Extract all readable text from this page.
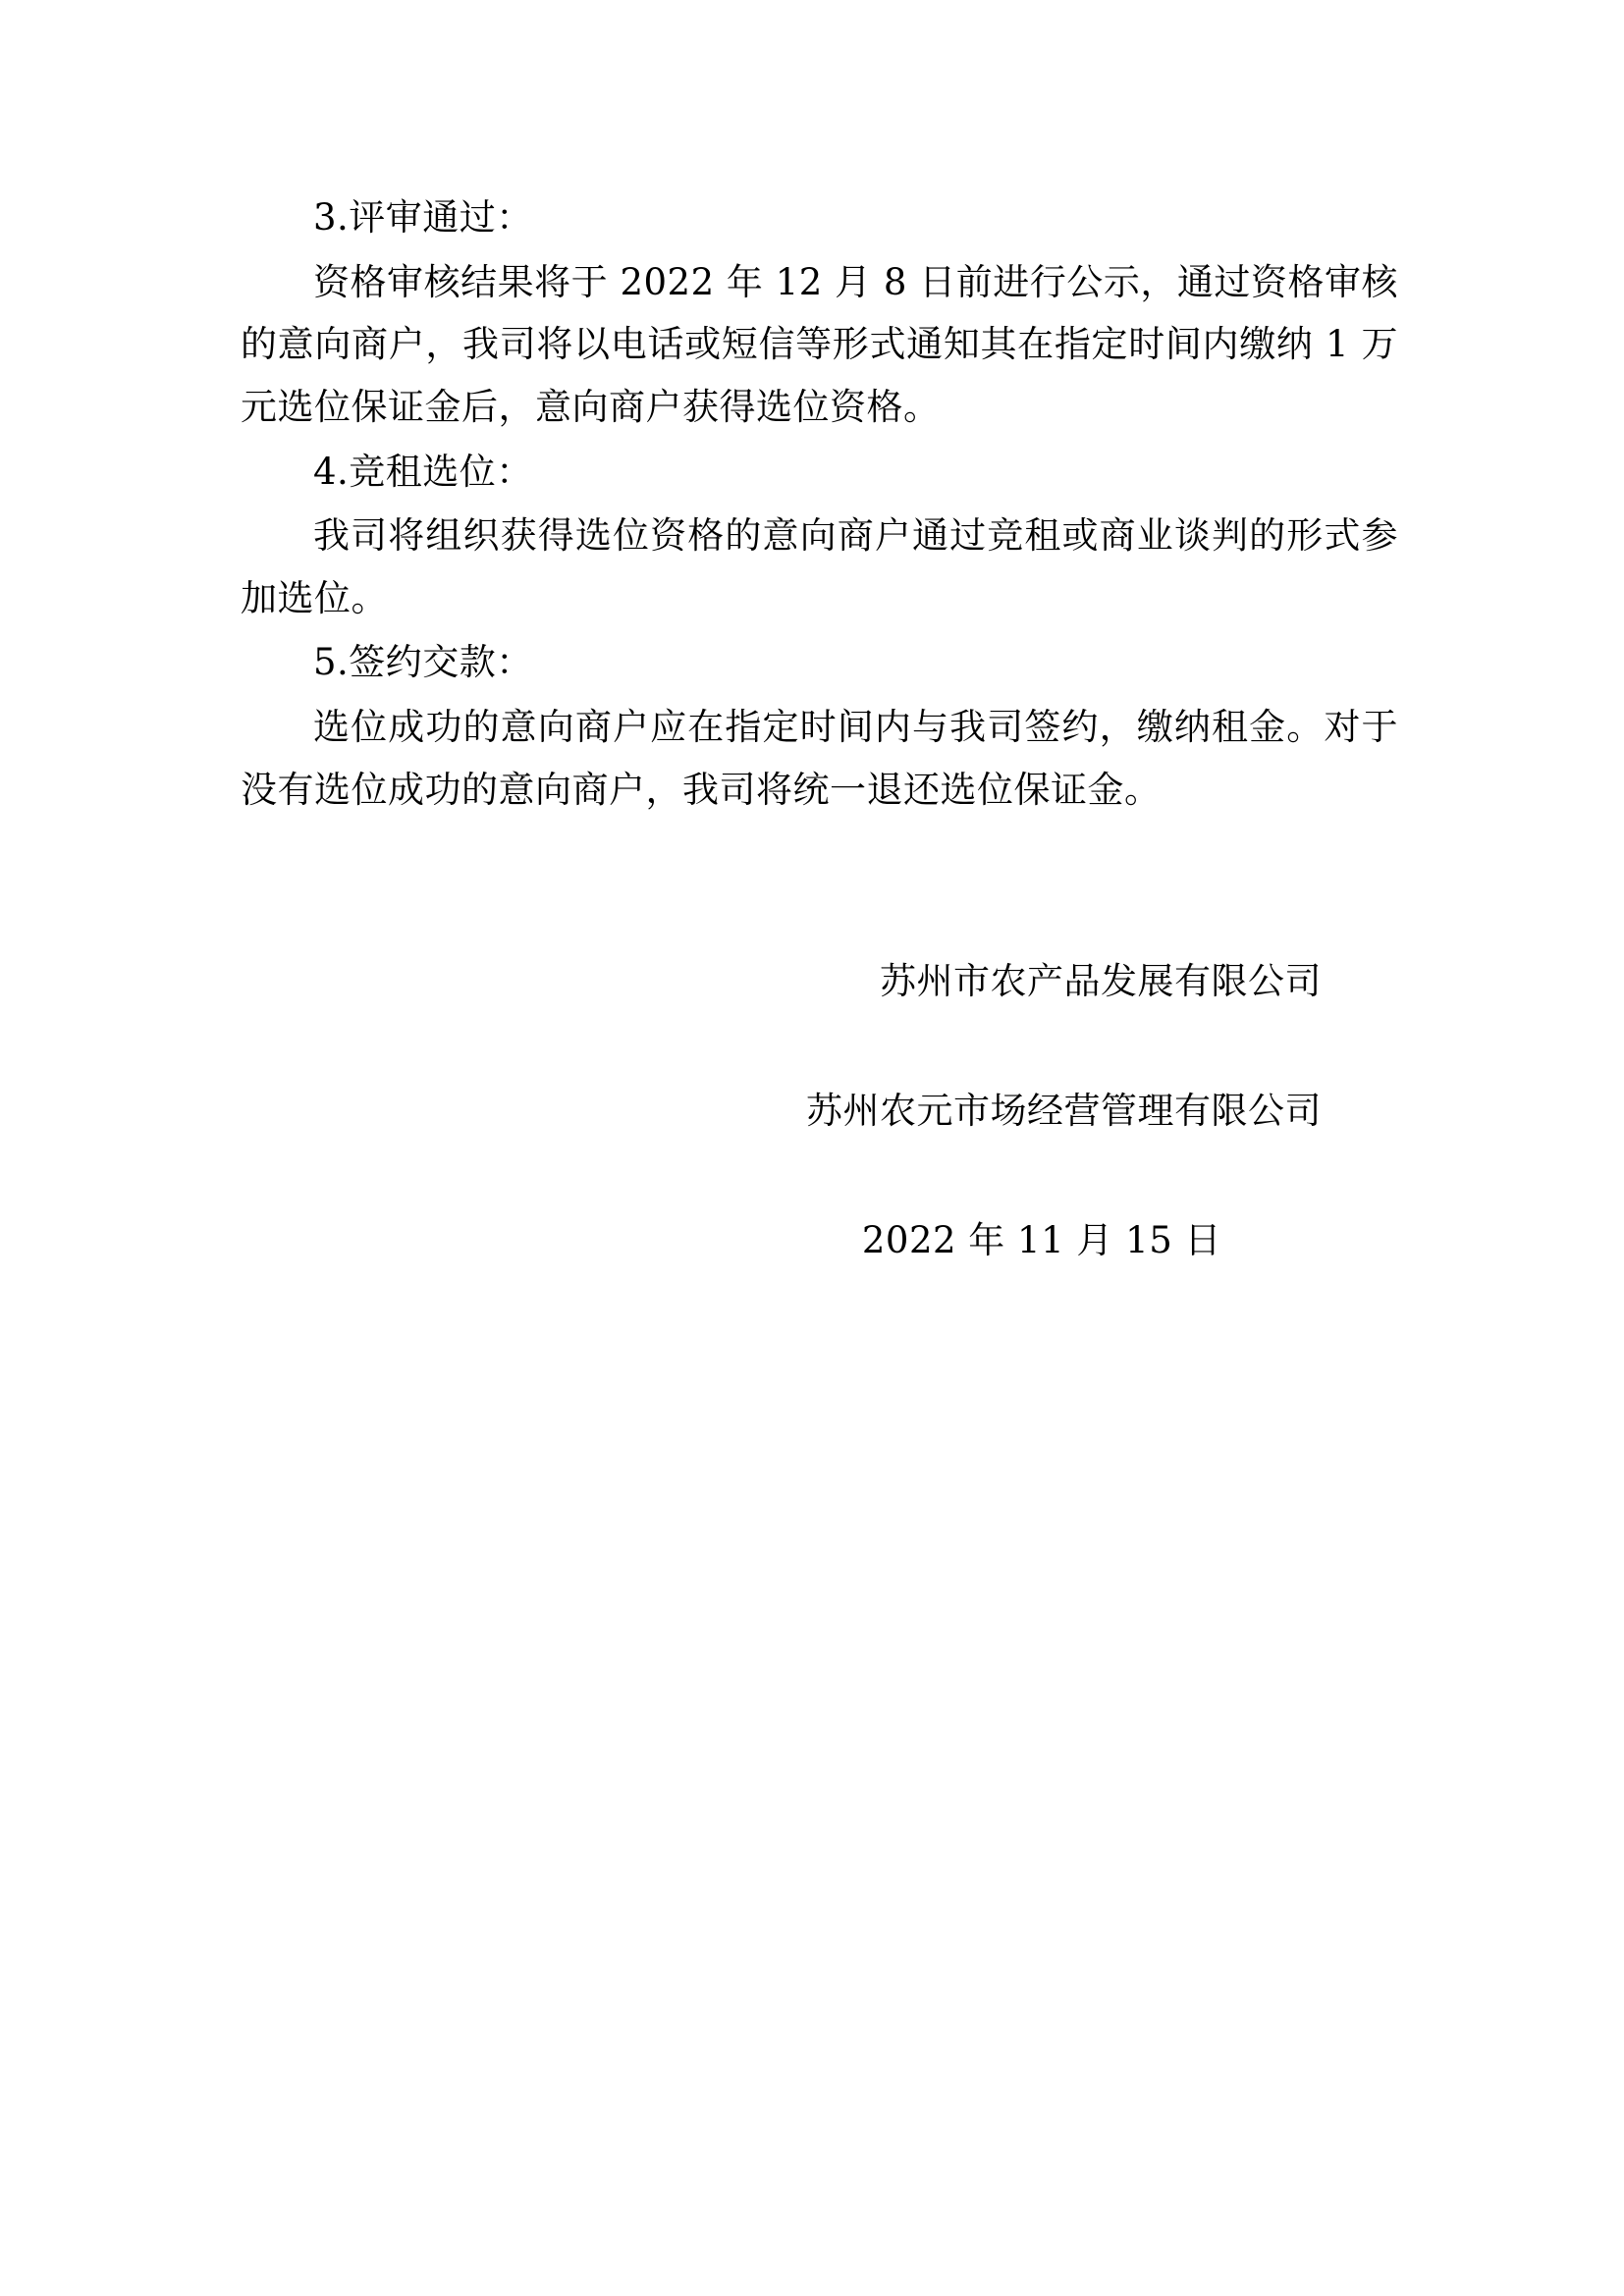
3.评审通过：

资格审核结果将于 2022 年 12 月 8 日前进行公示，通过资格审核的意向商户，我司将以电话或短信等形式通知其在指定时间内缴纳 1 万元选位保证金后，意向商户获得选位资格。

4.竞租选位：

我司将组织获得选位资格的意向商户通过竞租或商业谈判的形式参加选位。

5.签约交款：

选位成功的意向商户应在指定时间内与我司签约，缴纳租金。对于没有选位成功的意向商户，我司将统一退还选位保证金。

苏州市农产品发展有限公司
苏州农元市场经营管理有限公司
2022 年 11 月 15 日
